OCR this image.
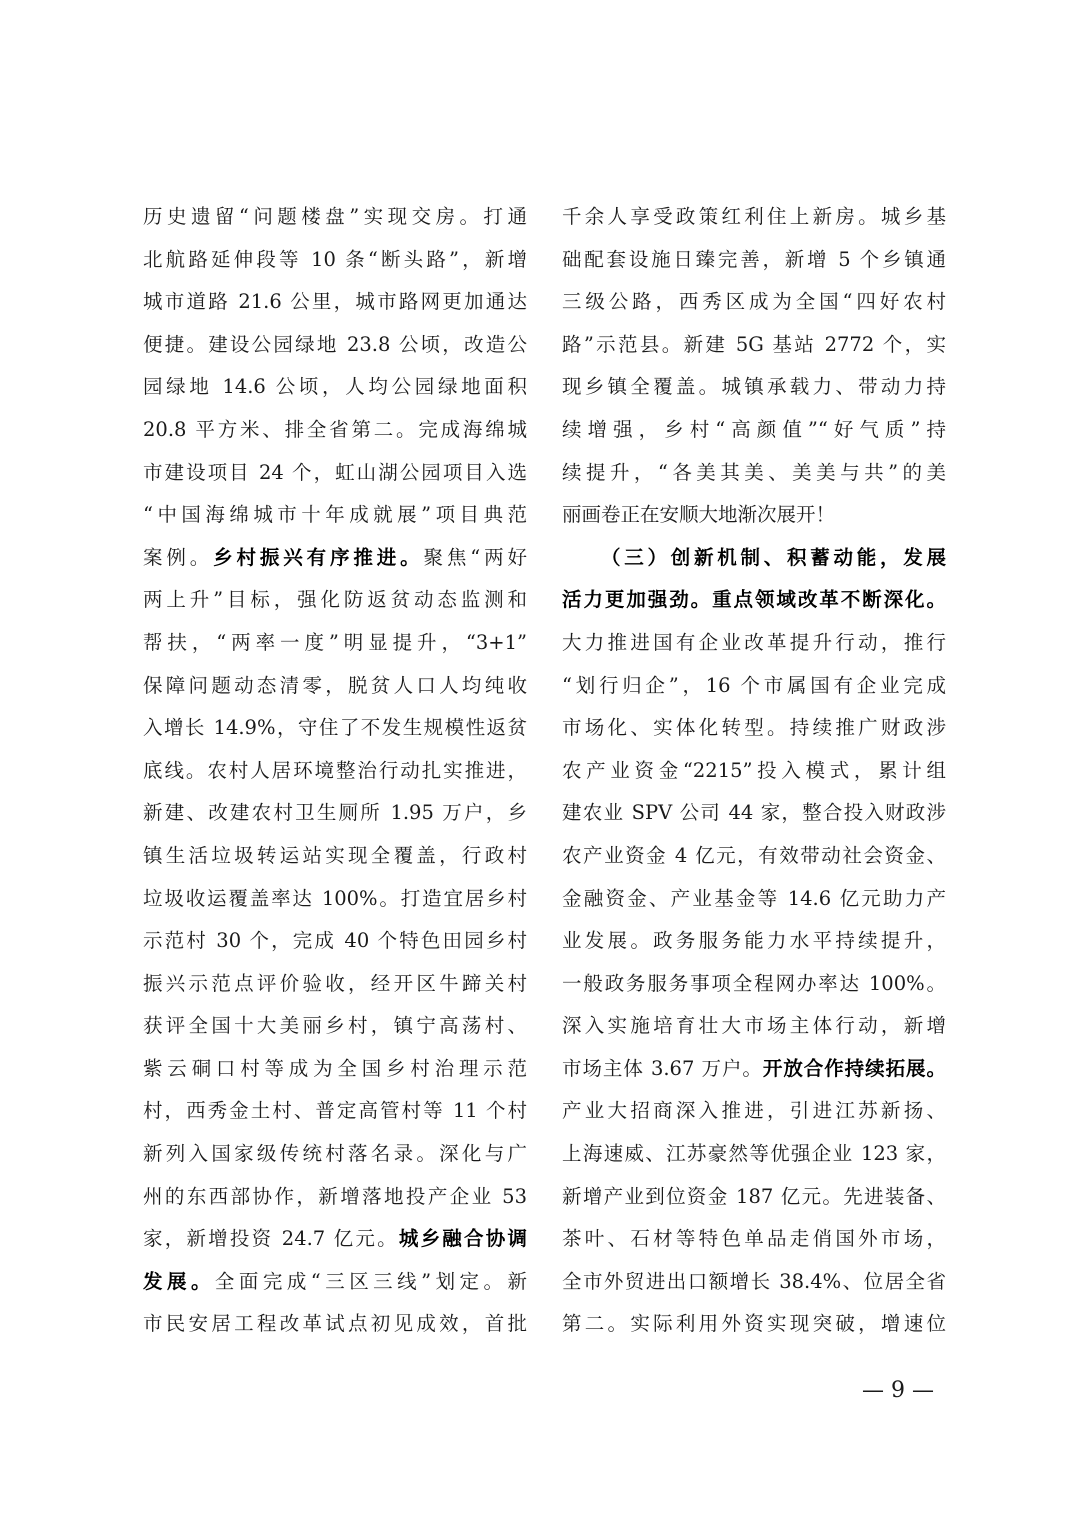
历史遗留“问题楼盘”实现交房。打通
北航路延伸段等 10 条“断头路”，新增
城市道路 21.6 公里，城市路网更加通达
便捷。建设公园绿地 23.8 公顷，改造公
园绿地 14.6 公顷，人均公园绿地面积
20.8 平方米、排全省第二。完成海绵城
市建设项目 24 个，虹山湖公园项目入选
“中国海绵城市十年成就展”项目典范
案例。乡村振兴有序推进。聚焦“两好
两上升”目标，强化防返贫动态监测和
帮扶，“两率一度”明显提升，“3+1”
保障问题动态清零，脱贫人口人均纯收
入增长 14.9%，守住了不发生规模性返贫
底线。农村人居环境整治行动扎实推进，
新建、改建农村卫生厕所 1.95 万户，乡
镇生活垃圾转运站实现全覆盖，行政村
垃圾收运覆盖率达 100%。打造宜居乡村
示范村 30 个，完成 40 个特色田园乡村
振兴示范点评价验收，经开区牛蹄关村
获评全国十大美丽乡村，镇宁高荡村、
紫云硐口村等成为全国乡村治理示范
村，西秀金土村、普定高管村等 11 个村
新列入国家级传统村落名录。深化与广
州的东西部协作，新增落地投产企业 53
家，新增投资 24.7 亿元。城乡融合协调
发展。全面完成“三区三线”划定。新
市民安居工程改革试点初见成效，首批
千余人享受政策红利住上新房。城乡基
础配套设施日臻完善，新增 5 个乡镇通
三级公路，西秀区成为全国“四好农村
路”示范县。新建 5G 基站 2772 个，实
现乡镇全覆盖。城镇承载力、带动力持
续增强，乡村“高颜值”“好气质”持
续提升，“各美其美、美美与共”的美
丽画卷正在安顺大地渐次展开！
（三）创新机制、积蓄动能，发展
活力更加强劲。重点领域改革不断深化。
大力推进国有企业改革提升行动，推行
“划行归企”，16 个市属国有企业完成
市场化、实体化转型。持续推广财政涉
农产业资金“2215”投入模式，累计组
建农业 SPV 公司 44 家，整合投入财政涉
农产业资金 4 亿元，有效带动社会资金、
金融资金、产业基金等 14.6 亿元助力产
业发展。政务服务能力水平持续提升，
一般政务服务事项全程网办率达 100%。
深入实施培育壮大市场主体行动，新增
市场主体 3.67 万户。开放合作持续拓展。
产业大招商深入推进，引进江苏新扬、
上海速威、江苏豪然等优强企业 123 家，
新增产业到位资金 187 亿元。先进装备、
茶叶、石材等特色单品走俏国外市场，
全市外贸进出口额增长 38.4%、位居全省
第二。实际利用外资实现突破，增速位
— 9 —
